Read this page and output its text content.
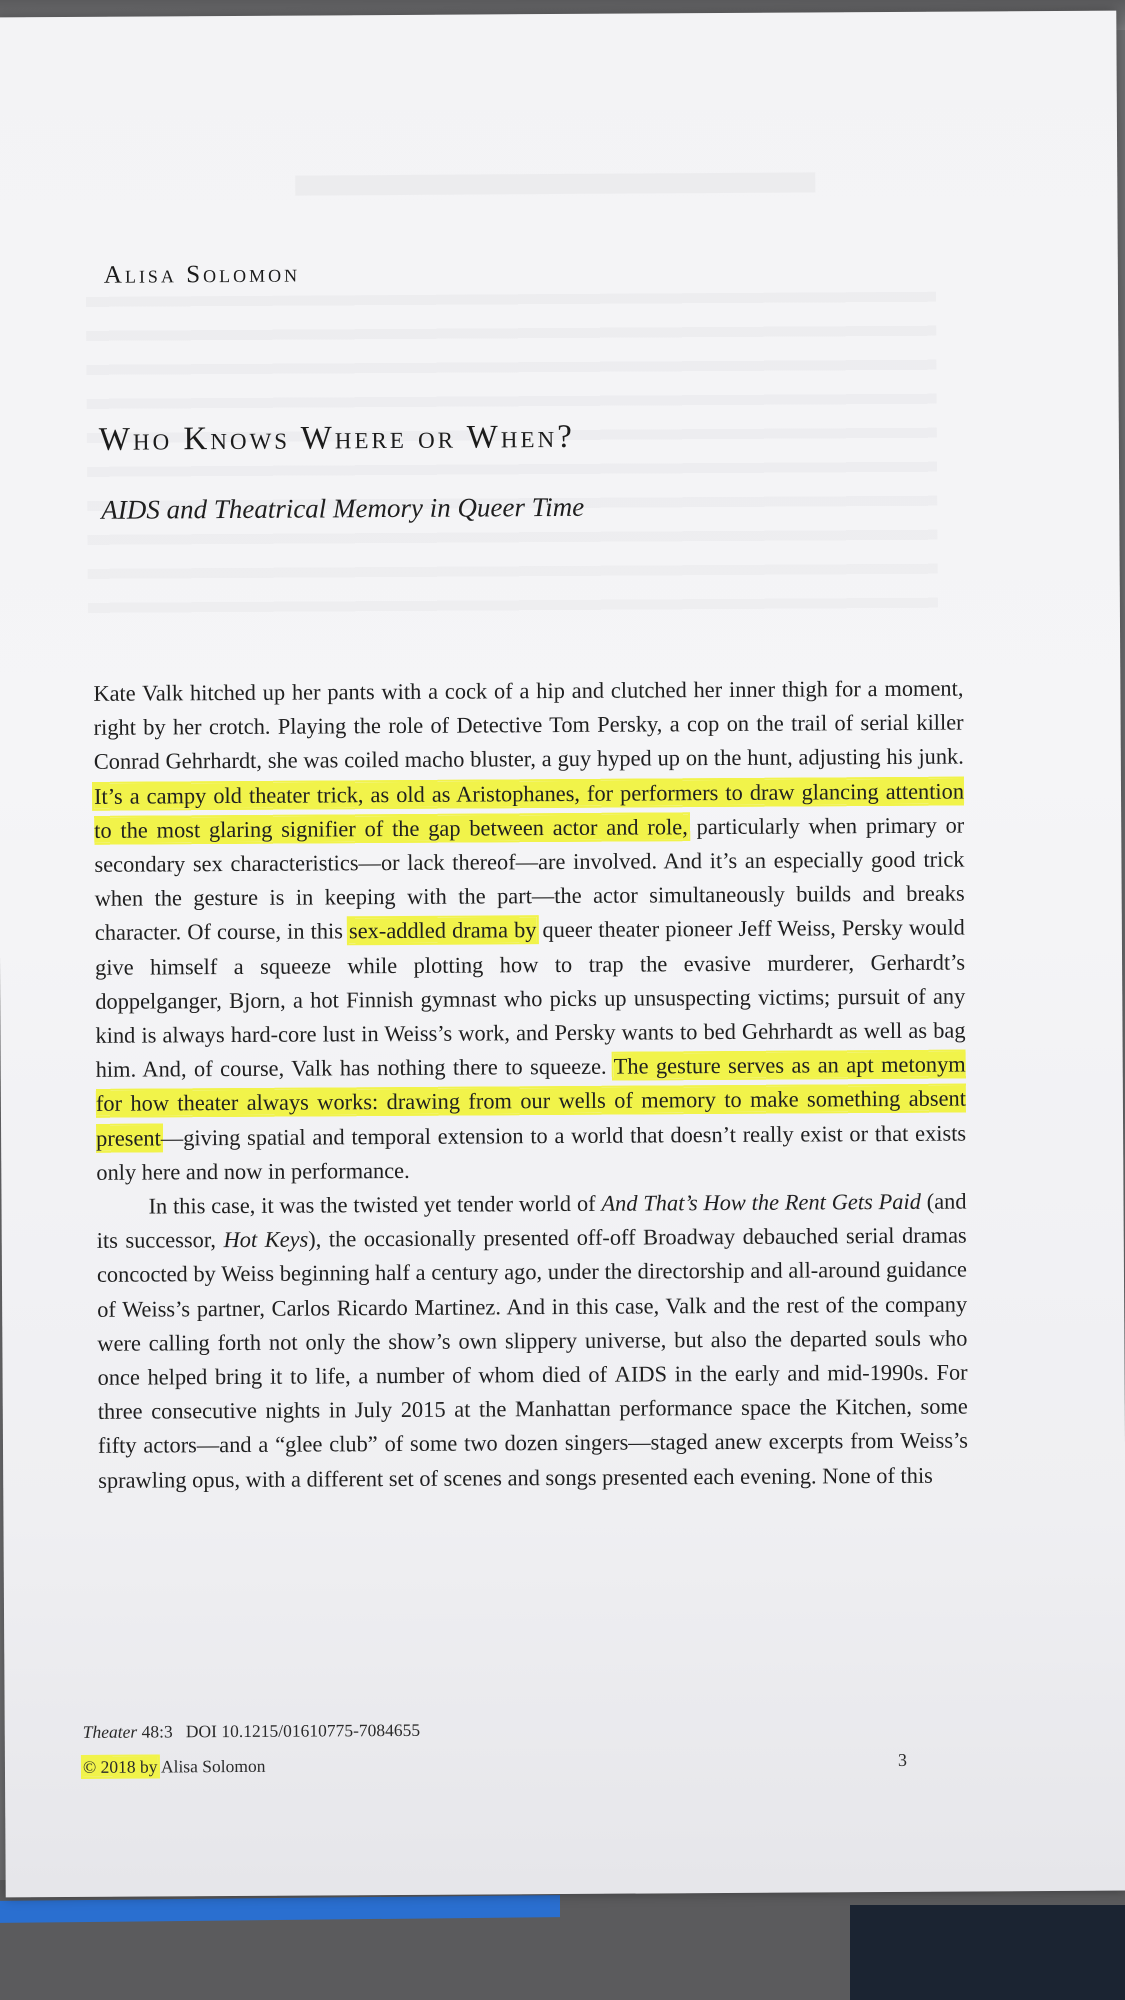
Alisa Solomon
Who Knows Where or When?
AIDS and Theatrical Memory in Queer Time

Kate Valk hitched up her pants with a cock of a hip and clutched her inner thigh for a moment, right by her crotch. Playing the role of Detective Tom Persky, a cop on the trail of serial killer Conrad Gehrhardt, she was coiled macho bluster, a guy hyped up on the hunt, adjusting his junk. It’s a campy old theater trick, as old as Aristophanes, for performers to draw glancing attention to the most glaring signifier of the gap between actor and role, particularly when primary or secondary sex characteristics—or lack thereof—are involved. And it’s an especially good trick when the gesture is in keeping with the part—the actor simultaneously builds and breaks character. Of course, in this sex-addled drama by queer theater pioneer Jeff Weiss, Persky would give himself a squeeze while plotting how to trap the evasive murderer, Gerhardt’s doppelganger, Bjorn, a hot Finnish gymnast who picks up unsuspecting victims; pursuit of any kind is always hard-core lust in Weiss’s work, and Persky wants to bed Gehrhardt as well as bag him. And, of course, Valk has nothing there to squeeze. The gesture serves as an apt metonym for how theater always works: drawing from our wells of memory to make something absent present—giving spatial and temporal extension to a world that doesn’t really exist or that exists only here and now in performance.

In this case, it was the twisted yet tender world of And That’s How the Rent Gets Paid (and its successor, Hot Keys), the occasionally presented off-off Broadway debauched serial dramas concocted by Weiss beginning half a century ago, under the directorship and all-around guidance of Weiss’s partner, Carlos Ricardo Martinez. And in this case, Valk and the rest of the company were calling forth not only the show’s own slippery universe, but also the departed souls who once helped bring it to life, a number of whom died of AIDS in the early and mid-1990s. For three consecutive nights in July 2015 at the Manhattan performance space the Kitchen, some fifty actors—and a “glee club” of some two dozen singers—staged anew excerpts from Weiss’s sprawling opus, with a different set of scenes and songs presented each evening. None of this

Theater 48:3 DOI 10.1215/01610775-7084655
© 2018 by Alisa Solomon	3
